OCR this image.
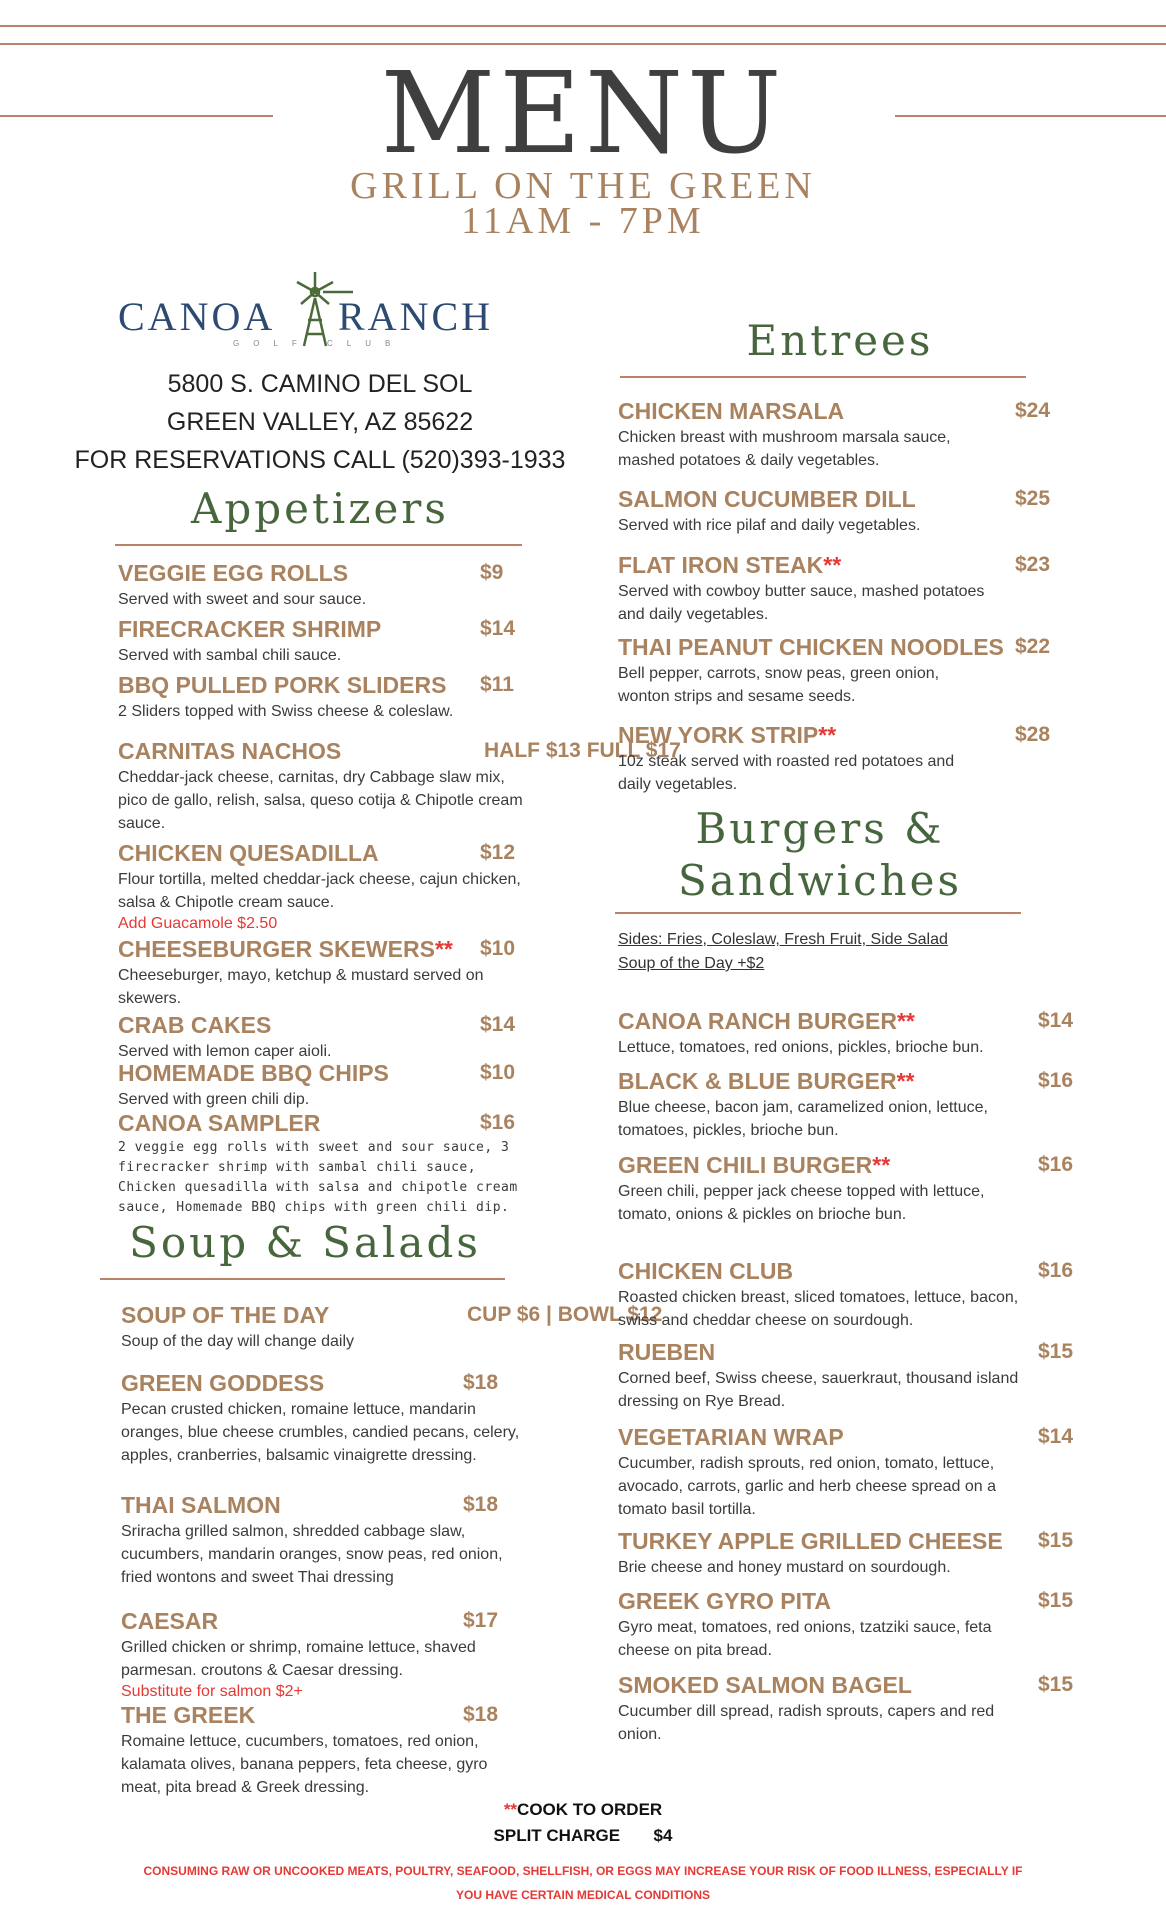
MENU
GRILL ON THE GREEN
11AM - 7PM
CANOA RANCH
GOLF CLUB
5800 S. CAMINO DEL SOL
GREEN VALLEY, AZ 85622
FOR RESERVATIONS CALL (520)393-1933
Appetizers
VEGGIE EGG ROLLS	$9
Served with sweet and sour sauce.
FIRECRACKER SHRIMP	$14
Served with sambal chili sauce.
BBQ PULLED PORK SLIDERS	$11
2 Sliders topped with Swiss cheese & coleslaw.
CARNITAS NACHOS	HALF $13 FULL $17
Cheddar-jack cheese, carnitas, dry Cabbage slaw mix, pico de gallo, relish, salsa, queso cotija & Chipotle cream sauce.
CHICKEN QUESADILLA	$12
Flour tortilla, melted cheddar-jack cheese, cajun chicken, salsa & Chipotle cream sauce.
Add Guacamole $2.50
CHEESEBURGER SKEWERS**	$10
Cheeseburger, mayo, ketchup & mustard served on skewers.
CRAB CAKES	$14
Served with lemon caper aioli.
HOMEMADE BBQ CHIPS	$10
Served with green chili dip.
CANOA SAMPLER	$16
2 veggie egg rolls with sweet and sour sauce, 3 firecracker shrimp with sambal chili sauce, Chicken quesadilla with salsa and chipotle cream sauce, Homemade BBQ chips with green chili dip.
Soup & Salads
SOUP OF THE DAY	CUP $6 | BOWL $12
Soup of the day will change daily
GREEN GODDESS	$18
Pecan crusted chicken, romaine lettuce, mandarin oranges, blue cheese crumbles, candied pecans, celery, apples, cranberries, balsamic vinaigrette dressing.
THAI SALMON	$18
Sriracha grilled salmon, shredded cabbage slaw, cucumbers, mandarin oranges, snow peas, red onion, fried wontons and sweet Thai dressing
CAESAR	$17
Grilled chicken or shrimp, romaine lettuce, shaved parmesan. croutons & Caesar dressing.
Substitute for salmon $2+
THE GREEK	$18
Romaine lettuce, cucumbers, tomatoes, red onion, kalamata olives, banana peppers, feta cheese, gyro meat, pita bread & Greek dressing.
Entrees
CHICKEN MARSALA	$24
Chicken breast with mushroom marsala sauce, mashed potatoes & daily vegetables.
SALMON CUCUMBER DILL	$25
Served with rice pilaf and daily vegetables.
FLAT IRON STEAK**	$23
Served with cowboy butter sauce, mashed potatoes and daily vegetables.
THAI PEANUT CHICKEN NOODLES $22
Bell pepper, carrots, snow peas, green onion, wonton strips and sesame seeds.
NEW YORK STRIP**	$28
10z steak served with roasted red potatoes and daily vegetables.
Burgers &
Sandwiches
Sides: Fries, Coleslaw, Fresh Fruit, Side Salad
Soup of the Day +$2
CANOA RANCH BURGER**	$14
Lettuce, tomatoes, red onions, pickles, brioche bun.
BLACK & BLUE BURGER**	$16
Blue cheese, bacon jam, caramelized onion, lettuce, tomatoes, pickles, brioche bun.
GREEN CHILI BURGER**	$16
Green chili, pepper jack cheese topped with lettuce, tomato, onions & pickles on brioche bun.
CHICKEN CLUB	$16
Roasted chicken breast, sliced tomatoes, lettuce, bacon, swiss and cheddar cheese on sourdough.
RUEBEN	$15
Corned beef, Swiss cheese, sauerkraut, thousand island dressing on Rye Bread.
VEGETARIAN WRAP	$14
Cucumber, radish sprouts, red onion, tomato, lettuce, avocado, carrots, garlic and herb cheese spread on a tomato basil tortilla.
TURKEY APPLE GRILLED CHEESE	$15
Brie cheese and honey mustard on sourdough.
GREEK GYRO PITA	$15
Gyro meat, tomatoes, red onions, tzatziki sauce, feta cheese on pita bread.
SMOKED SALMON BAGEL	$15
Cucumber dill spread, radish sprouts, capers and red onion.
**COOK TO ORDER
SPLIT CHARGE $4
CONSUMING RAW OR UNCOOKED MEATS, POULTRY, SEAFOOD, SHELLFISH, OR EGGS MAY INCREASE YOUR RISK OF FOOD ILLNESS, ESPECIALLY IF
YOU HAVE CERTAIN MEDICAL CONDITIONS
